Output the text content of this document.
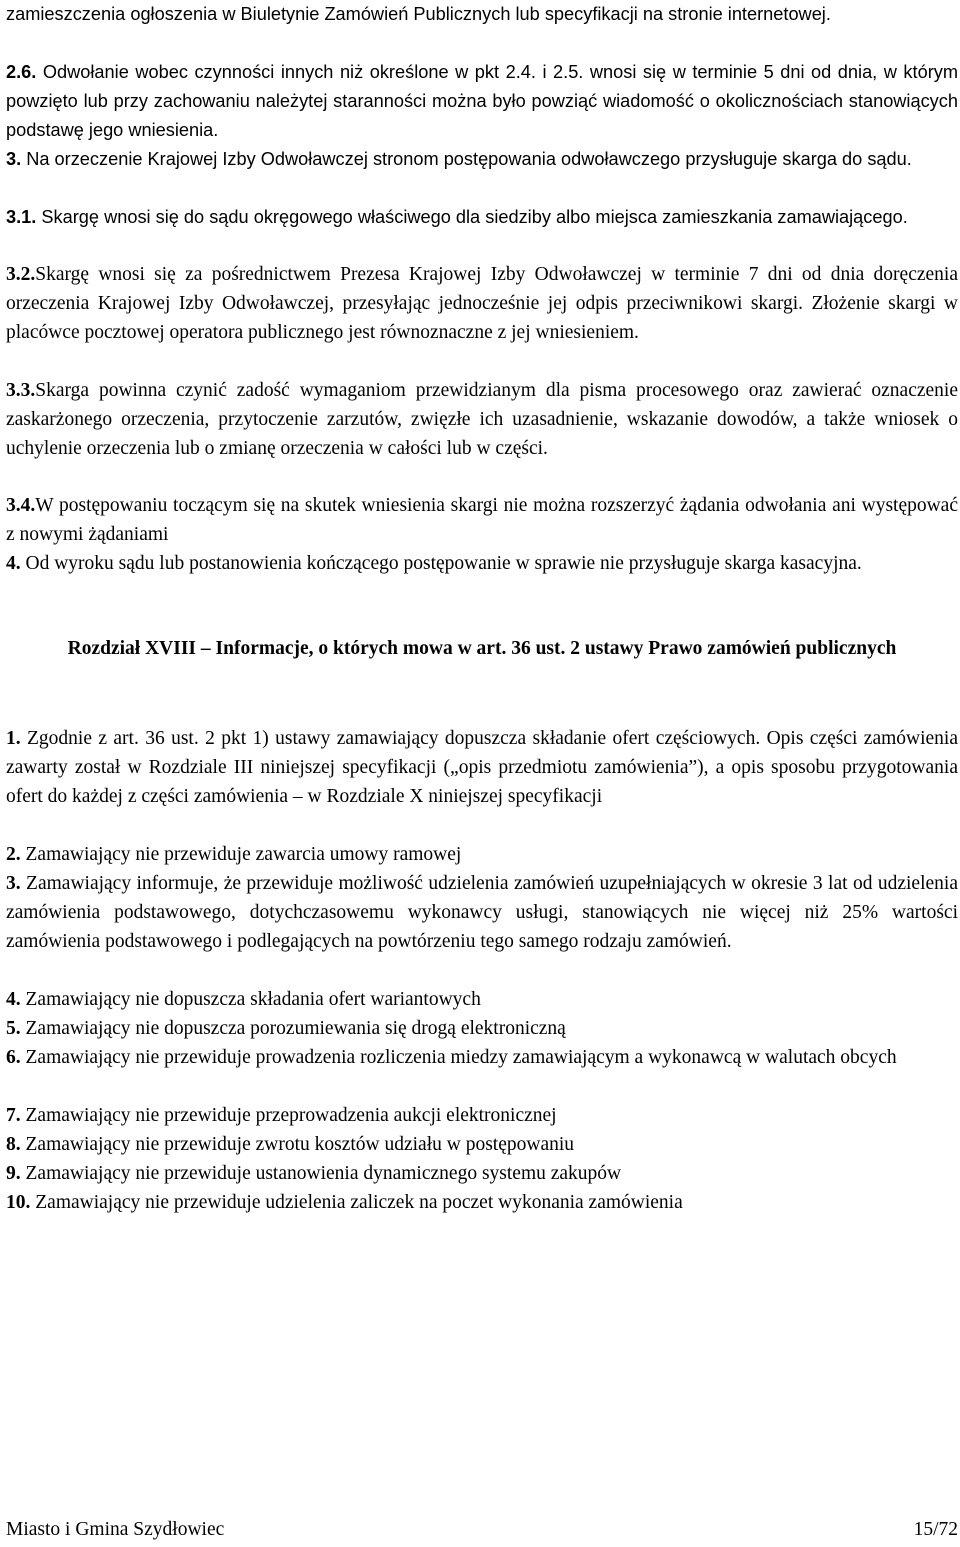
zamieszczenia ogłoszenia w Biuletynie Zamówień Publicznych lub specyfikacji na stronie internetowej.

2.6. Odwołanie wobec czynności innych niż określone w pkt 2.4. i 2.5. wnosi się w terminie 5 dni od dnia, w którym powzięto lub przy zachowaniu należytej staranności można było powziąć wiadomość o okolicznościach stanowiących podstawę jego wniesienia.

3. Na orzeczenie Krajowej Izby Odwoławczej stronom postępowania odwoławczego przysługuje skarga do sądu.

3.1. Skargę wnosi się do sądu okręgowego właściwego dla siedziby albo miejsca zamieszkania zamawiającego.

3.2.Skargę wnosi się za pośrednictwem Prezesa Krajowej Izby Odwoławczej w terminie 7 dni od dnia doręczenia orzeczenia Krajowej Izby Odwoławczej, przesyłając jednocześnie jej odpis przeciwnikowi skargi. Złożenie skargi w placówce pocztowej operatora publicznego jest równoznaczne z jej wniesieniem.

3.3.Skarga powinna czynić zadość wymaganiom przewidzianym dla pisma procesowego oraz zawierać oznaczenie zaskarżonego orzeczenia, przytoczenie zarzutów, zwięzłe ich uzasadnienie, wskazanie dowodów, a także wniosek o uchylenie orzeczenia lub o zmianę orzeczenia w całości lub w części.

3.4.W postępowaniu toczącym się na skutek wniesienia skargi nie można rozszerzyć żądania odwołania ani występować z nowymi żądaniami

4. Od wyroku sądu lub postanowienia kończącego postępowanie w sprawie nie przysługuje skarga kasacyjna.

Rozdział XVIII – Informacje, o których mowa w art. 36 ust. 2 ustawy Prawo zamówień publicznych

1. Zgodnie z art. 36 ust. 2 pkt 1) ustawy zamawiający dopuszcza składanie ofert częściowych. Opis części zamówienia zawarty został w Rozdziale III niniejszej specyfikacji („opis przedmiotu zamówienia”), a opis sposobu przygotowania ofert do każdej z części zamówienia – w Rozdziale X niniejszej specyfikacji

2. Zamawiający nie przewiduje zawarcia umowy ramowej

3. Zamawiający informuje, że przewiduje możliwość udzielenia zamówień uzupełniających w okresie 3 lat od udzielenia zamówienia podstawowego, dotychczasowemu wykonawcy usługi, stanowiących nie więcej niż 25% wartości zamówienia podstawowego i podlegających na powtórzeniu tego samego rodzaju zamówień.

4. Zamawiający nie dopuszcza składania ofert wariantowych

5. Zamawiający nie dopuszcza porozumiewania się drogą elektroniczną

6. Zamawiający nie przewiduje prowadzenia rozliczenia miedzy zamawiającym a wykonawcą w walutach obcych

7. Zamawiający nie przewiduje przeprowadzenia aukcji elektronicznej

8. Zamawiający nie przewiduje zwrotu kosztów udziału w postępowaniu

9. Zamawiający nie przewiduje ustanowienia dynamicznego systemu zakupów

10. Zamawiający nie przewiduje udzielenia zaliczek na poczet wykonania zamówienia

Miasto i Gmina Szydłowiec	15/72
